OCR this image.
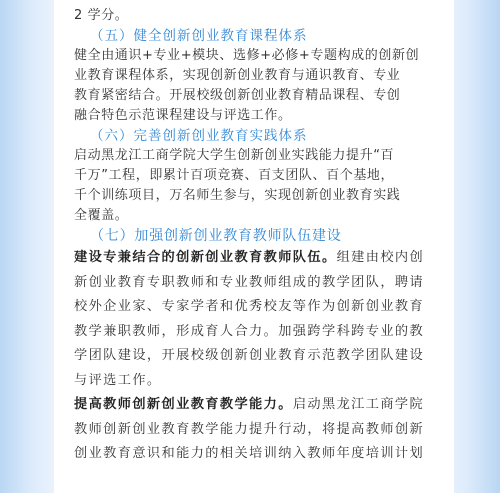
2 学分。

（五）健全创新创业教育课程体系

健全由通识+专业+模块、选修+必修+专题构成的创新创

业教育课程体系，实现创新创业教育与通识教育、专业

教育紧密结合。开展校级创新创业教育精品课程、专创

融合特色示范课程建设与评选工作。

（六）完善创新创业教育实践体系

启动黑龙江工商学院大学生创新创业实践能力提升“百

千万”工程，即累计百项竞赛、百支团队、百个基地，

千个训练项目，万名师生参与，实现创新创业教育实践

全覆盖。

（七）加强创新创业教育教师队伍建设

建设专兼结合的创新创业教育教师队伍。组建由校内创

新创业教育专职教师和专业教师组成的教学团队，聘请

校外企业家、专家学者和优秀校友等作为创新创业教育

教学兼职教师，形成育人合力。加强跨学科跨专业的教

学团队建设，开展校级创新创业教育示范教学团队建设

与评选工作。

提高教师创新创业教育教学能力。启动黑龙江工商学院

教师创新创业教育教学能力提升行动，将提高教师创新

创业教育意识和能力的相关培训纳入教师年度培训计划
